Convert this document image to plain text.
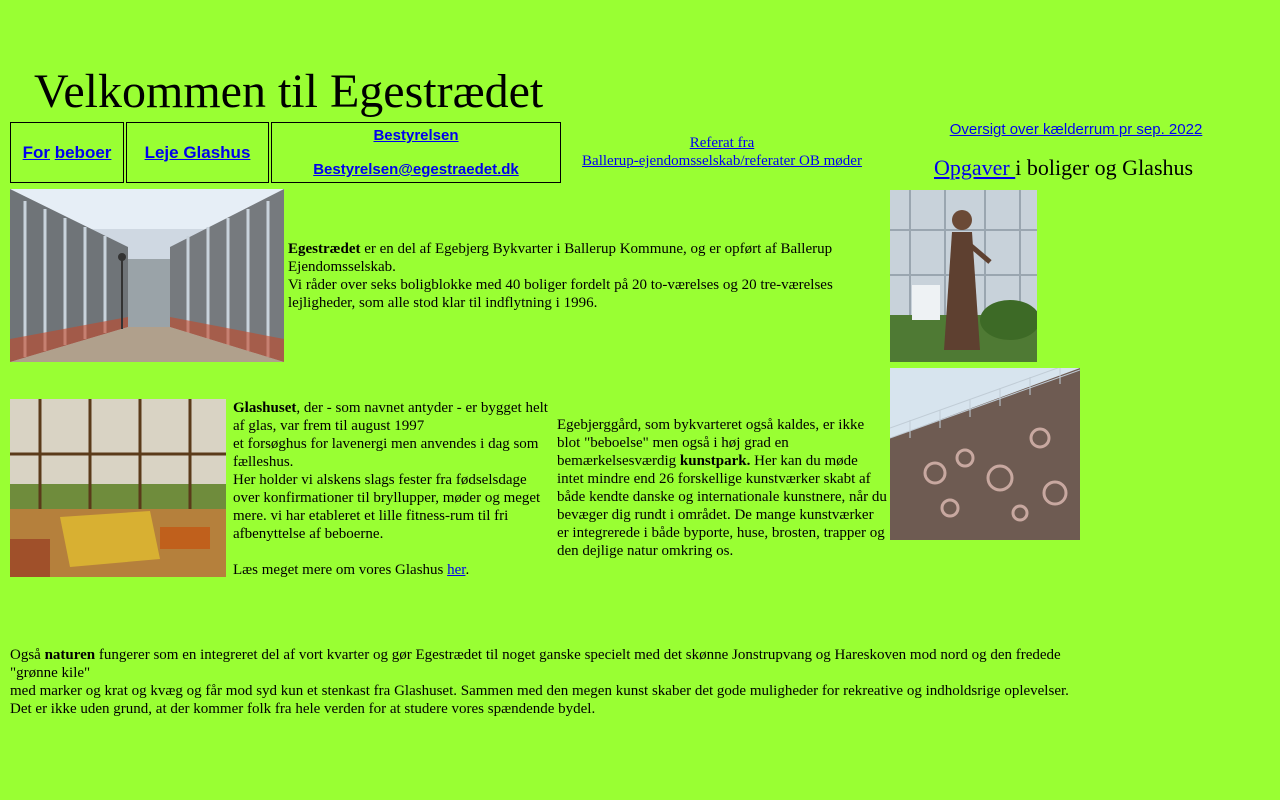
Velkommen til Egestrædet
For beboer	Leje Glashus	Bestyrelsen

Bestyrelsen@egestraedet.dk
Referat fra
Ballerup-ejendomsselskab/referater OB møder
Oversigt over kælderrum pr sep. 2022
Opgaver i boliger og Glashus
Egestrædet er en del af Egebjerg Bykvarter i Ballerup Kommune, og er opført af Ballerup Ejendomsselskab.
Vi råder over seks boligblokke med 40 boliger fordelt på 20 to-værelses og 20 tre-værelses lejligheder, som alle stod klar til indflytning i 1996.
Glashuset, der - som navnet antyder - er bygget helt af glas, var frem til august 1997
et forsøghus for lavenergi men anvendes i dag som fælleshus.
Her holder vi alskens slags fester fra fødselsdage over konfirmationer til bryllupper, møder og meget mere. vi har etableret et lille fitness-rum til fri afbenyttelse af beboerne.

Læs meget mere om vores Glashus her.
Egebjerggård, som bykvarteret også kaldes, er ikke blot "beboelse" men også i høj grad en bemærkelsesværdig kunstpark. Her kan du møde intet mindre end 26 forskellige kunstværker skabt af både kendte danske og internationale kunstnere, når du bevæger dig rundt i området. De mange kunstværker er integrerede i både byporte, huse, brosten, trapper og den dejlige natur omkring os.
Også naturen fungerer som en integreret del af vort kvarter og gør Egestrædet til noget ganske specielt med det skønne Jonstrupvang og Hareskoven mod nord og den fredede "grønne kile"
med marker og krat og kvæg og får mod syd kun et stenkast fra Glashuset. Sammen med den megen kunst skaber det gode muligheder for rekreative og indholdsrige oplevelser.
Det er ikke uden grund, at der kommer folk fra hele verden for at studere vores spændende bydel.
